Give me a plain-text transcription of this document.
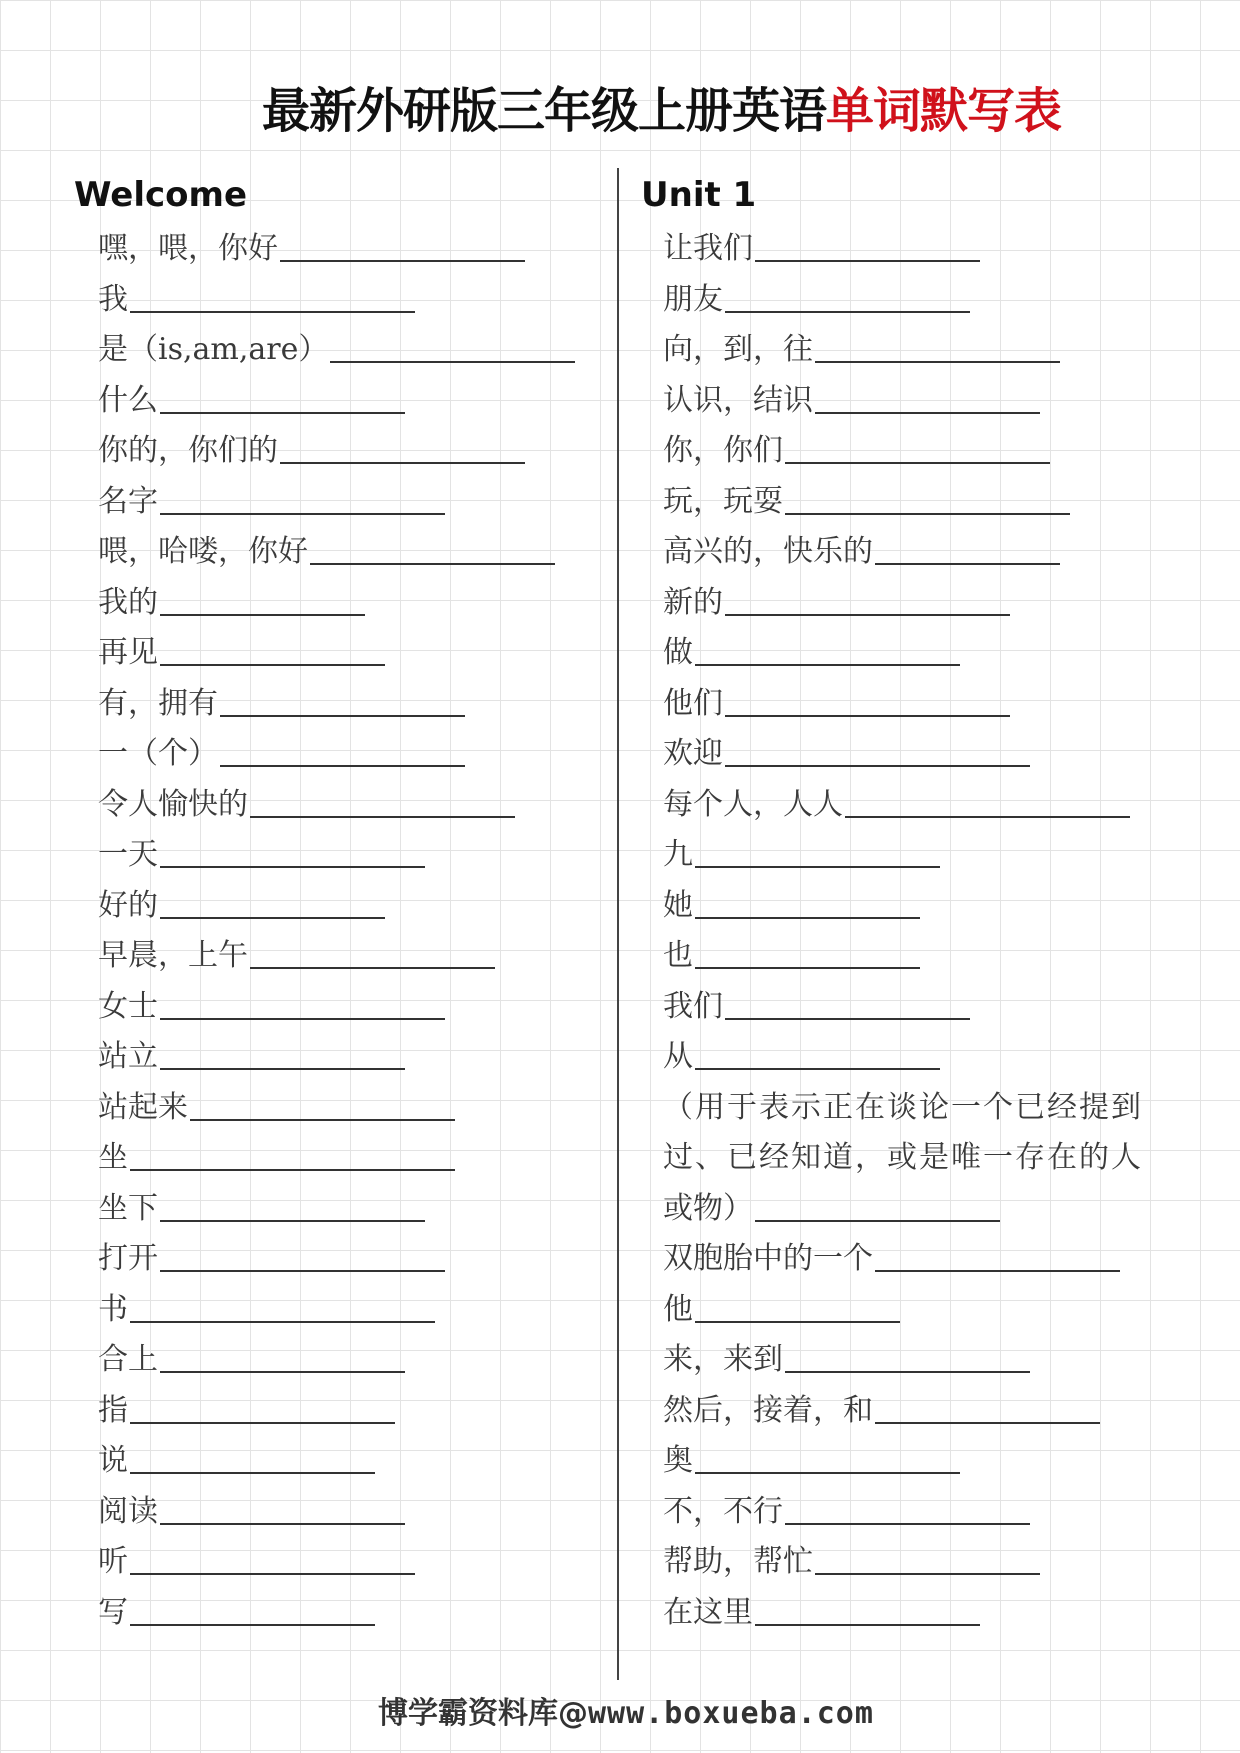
最新外研版三年级上册英语单词默写表
Welcome	Unit 1
嘿，喂，你好
我
是（is,am,are）
什么
你的，你们的
名字
喂，哈喽，你好
我的
再见
有，拥有
一（个）
令人愉快的
一天
好的
早晨，上午
女士
站立
站起来
坐
坐下
打开
书
合上
指
说
阅读
听
写
让我们
朋友
向，到，往
认识，结识
你，你们
玩，玩耍
高兴的，快乐的
新的
做
他们
欢迎
每个人，人人
九
她
也
我们
从
（用于表示正在谈论一个已经提到
过、已经知道，或是唯一存在的人
或物）
双胞胎中的一个
他
来，来到
然后，接着，和
奥
不，不行
帮助，帮忙
在这里
博学霸资料库@www.boxueba.com
